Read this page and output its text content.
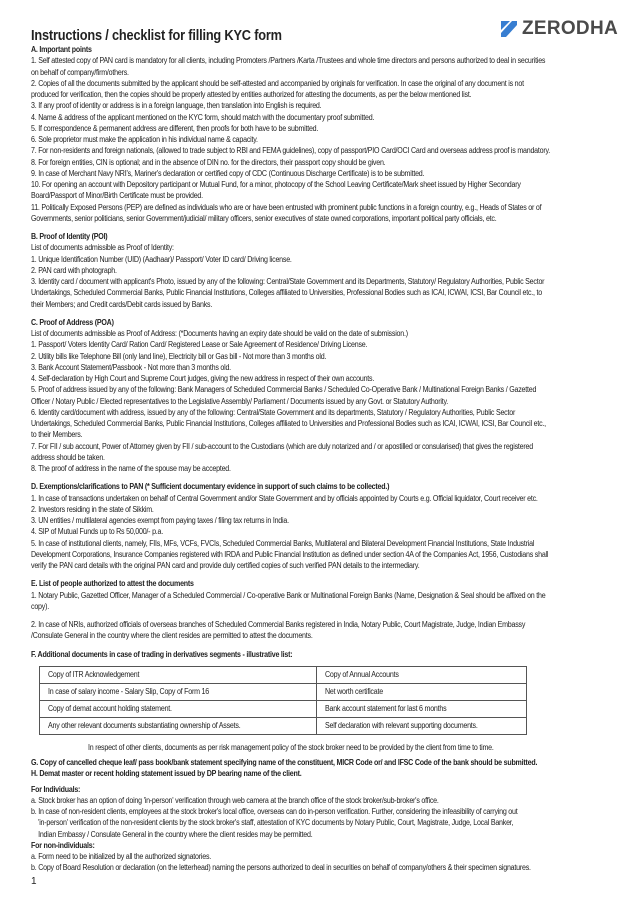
Instructions / checklist for filling KYC form	ZERODHA
A. Important points
1. Self attested copy of PAN card is mandatory for all clients, including Promoters /Partners /Karta /Trustees and whole time directors and persons authorized to deal in securities
on behalf of company/firm/others.
2. Copies of all the documents submitted by the applicant should be self-attested and accompanied by originals for verification. In case the original of any document is not
produced for verification, then the copies should be properly attested by entities authorized for attesting the documents, as per the below mentioned list.
3. If any proof of identity or address is in a foreign language, then translation into English is required.
4. Name & address of the applicant mentioned on the KYC form, should match with the documentary proof submitted.
5. If correspondence & permanent address are different, then proofs for both have to be submitted.
6. Sole proprietor must make the application in his individual name & capacity.
7. For non-residents and foreign nationals, (allowed to trade subject to RBI and FEMA guidelines), copy of passport/PIO Card/OCI Card and overseas address proof is mandatory.
8. For foreign entities, CIN is optional; and in the absence of DIN no. for the directors, their passport copy should be given.
9. In case of Merchant Navy NRI's, Mariner's declaration or certified copy of CDC (Continuous Discharge Certificate) is to be submitted.
10. For opening an account with Depository participant or Mutual Fund, for a minor, photocopy of the School Leaving Certificate/Mark sheet issued by Higher Secondary
Board/Passport of Minor/Birth Certificate must be provided.
11. Politically Exposed Persons (PEP) are defined as individuals who are or have been entrusted with prominent public functions in a foreign country, e.g., Heads of States or of
Governments, senior politicians, senior Government/judicial/ military officers, senior executives of state owned corporations, important political party officials, etc.
B. Proof of Identity (POI)
List of documents admissible as Proof of Identity:
1. Unique Identification Number (UID) (Aadhaar)/ Passport/ Voter ID card/ Driving license.
2. PAN card with photograph.
3. Identity card / document with applicant's Photo, issued by any of the following: Central/State Government and its Departments, Statutory/ Regulatory Authorities, Public Sector
Undertakings, Scheduled Commercial Banks, Public Financial Institutions, Colleges affiliated to Universities, Professional Bodies such as ICAI, ICWAI, ICSI, Bar Council etc., to
their Members; and Credit cards/Debit cards issued by Banks.
C. Proof of Address (POA)
List of documents admissible as Proof of Address: (*Documents having an expiry date should be valid on the date of submission.)
1. Passport/ Voters Identity Card/ Ration Card/ Registered Lease or Sale Agreement of Residence/ Driving License.
2. Utility bills like Telephone Bill (only land line), Electricity bill or Gas bill - Not more than 3 months old.
3. Bank Account Statement/Passbook - Not more than 3 months old.
4. Self-declaration by High Court and Supreme Court judges, giving the new address in respect of their own accounts.
5. Proof of address issued by any of the following: Bank Managers of Scheduled Commercial Banks / Scheduled Co-Operative Bank / Multinational Foreign Banks / Gazetted
Officer / Notary Public / Elected representatives to the Legislative Assembly/ Parliament / Documents issued by any Govt. or Statutory Authority.
6. Identity card/document with address, issued by any of the following: Central/State Government and its departments, Statutory / Regulatory Authorities, Public Sector
Undertakings, Scheduled Commercial Banks, Public Financial Institutions, Colleges affiliated to Universities and Professional Bodies such as ICAI, ICWAI, ICSI, Bar Council etc.,
to their Members.
7. For FII / sub account, Power of Attorney given by FII / sub-account to the Custodians (which are duly notarized and / or apostilled or consularised) that gives the registered
address should be taken.
8. The proof of address in the name of the spouse may be accepted.
D. Exemptions/clarifications to PAN (* Sufficient documentary evidence in support of such claims to be collected.)
1. In case of transactions undertaken on behalf of Central Government and/or State Government and by officials appointed by Courts e.g. Official liquidator, Court receiver etc.
2. Investors residing in the state of Sikkim.
3. UN entities / multilateral agencies exempt from paying taxes / filing tax returns in India.
4. SIP of Mutual Funds up to Rs 50,000/- p.a.
5. In case of institutional clients, namely, FIIs, MFs, VCFs, FVCIs, Scheduled Commercial Banks, Multilateral and Bilateral Development Financial Institutions, State Industrial
Development Corporations, Insurance Companies registered with IRDA and Public Financial Institution as defined under section 4A of the Companies Act, 1956, Custodians shall
verify the PAN card details with the original PAN card and provide duly certified copies of such verified PAN details to the intermediary.
E. List of people authorized to attest the documents
1. Notary Public, Gazetted Officer, Manager of a Scheduled Commercial / Co-operative Bank or Multinational Foreign Banks (Name, Designation & Seal should be affixed on the
copy).
2. In case of NRIs, authorized officials of overseas branches of Scheduled Commercial Banks registered in India, Notary Public, Court Magistrate, Judge, Indian Embassy
/Consulate General in the country where the client resides are permitted to attest the documents.
F. Additional documents in case of trading in derivatives segments - illustrative list:
Copy of ITR Acknowledgement	Copy of Annual Accounts
In case of salary income - Salary Slip, Copy of Form 16	Net worth certificate
Copy of demat account holding statement.	Bank account statement for last 6 months
Any other relevant documents substantiating ownership of Assets.	Self declaration with relevant supporting documents.
In respect of other clients, documents as per risk management policy of the stock broker need to be provided by the client from time to time.
G. Copy of cancelled cheque leaf/ pass book/bank statement specifying name of the constituent, MICR Code or/ and IFSC Code of the bank should be submitted.
H. Demat master or recent holding statement issued by DP bearing name of the client.
For Individuals:
a. Stock broker has an option of doing 'in-person' verification through web camera at the branch office of the stock broker/sub-broker's office.
b. In case of non-resident clients, employees at the stock broker's local office, overseas can do in-person verification. Further, considering the infeasibility of carrying out
'in-person' verification of the non-resident clients by the stock broker's staff, attestation of KYC documents by Notary Public, Court, Magistrate, Judge, Local Banker,
Indian Embassy / Consulate General in the country where the client resides may be permitted.
For non-individuals:
a. Form need to be initialized by all the authorized signatories.
b. Copy of Board Resolution or declaration (on the letterhead) naming the persons authorized to deal in securities on behalf of company/others & their specimen signatures.
1
